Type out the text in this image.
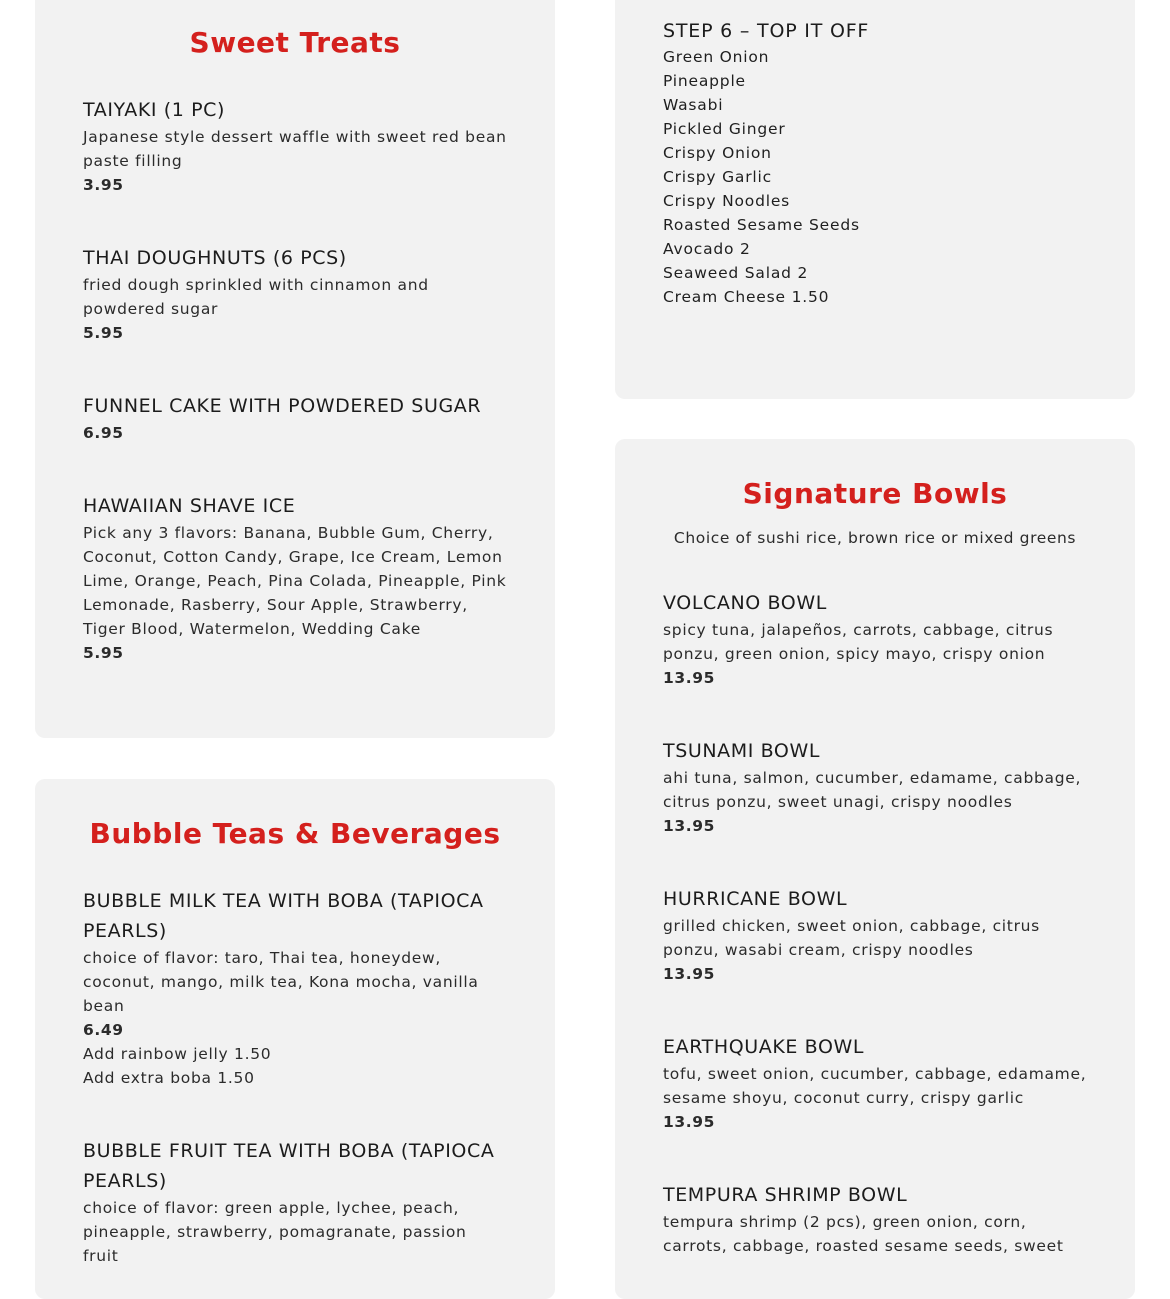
Sweet Treats

TAIYAKI (1 PC)

Japanese style dessert waffle with sweet red bean paste filling

3.95

THAI DOUGHNUTS (6 PCS)

fried dough sprinkled with cinnamon and powdered sugar

5.95

FUNNEL CAKE WITH POWDERED SUGAR

6.95

HAWAIIAN SHAVE ICE

Pick any 3 flavors: Banana, Bubble Gum, Cherry, Coconut, Cotton Candy, Grape, Ice Cream, Lemon Lime, Orange, Peach, Pina Colada, Pineapple, Pink Lemonade, Rasberry, Sour Apple, Strawberry, Tiger Blood, Watermelon, Wedding Cake

5.95

Bubble Teas & Beverages

BUBBLE MILK TEA WITH BOBA (TAPIOCA PEARLS)

choice of flavor: taro, Thai tea, honeydew, coconut, mango, milk tea, Kona mocha, vanilla bean

6.49

Add rainbow jelly 1.50

Add extra boba 1.50

BUBBLE FRUIT TEA WITH BOBA (TAPIOCA PEARLS)

choice of flavor: green apple, lychee, peach, pineapple, strawberry, pomagranate, passion fruit

STEP 6 – TOP IT OFF

Green Onion

Pineapple

Wasabi

Pickled Ginger

Crispy Onion

Crispy Garlic

Crispy Noodles

Roasted Sesame Seeds

Avocado 2

Seaweed Salad 2

Cream Cheese 1.50

Signature Bowls

Choice of sushi rice, brown rice or mixed greens

VOLCANO BOWL

spicy tuna, jalapeños, carrots, cabbage, citrus ponzu, green onion, spicy mayo, crispy onion

13.95

TSUNAMI BOWL

ahi tuna, salmon, cucumber, edamame, cabbage, citrus ponzu, sweet unagi, crispy noodles

13.95

HURRICANE BOWL

grilled chicken, sweet onion, cabbage, citrus ponzu, wasabi cream, crispy noodles

13.95

EARTHQUAKE BOWL

tofu, sweet onion, cucumber, cabbage, edamame, sesame shoyu, coconut curry, crispy garlic

13.95

TEMPURA SHRIMP BOWL

tempura shrimp (2 pcs), green onion, corn, carrots, cabbage, roasted sesame seeds, sweet
